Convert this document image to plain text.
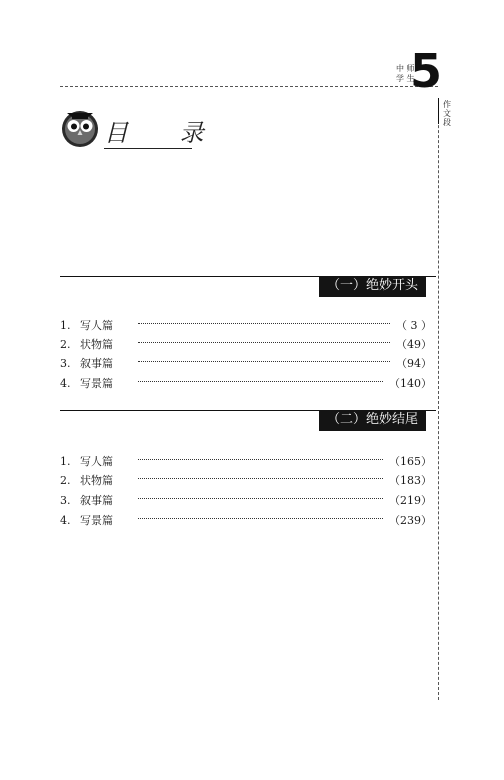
中 师
学 生
5
作 文 段
目 录
（一）绝妙开头
1. 写人篇	（ 3 ）
2. 状物篇	（49）
3. 叙事篇	（94）
4. 写景篇	（140）
（二）绝妙结尾
1. 写人篇	（165）
2. 状物篇	（183）
3. 叙事篇	（219）
4. 写景篇	（239）
